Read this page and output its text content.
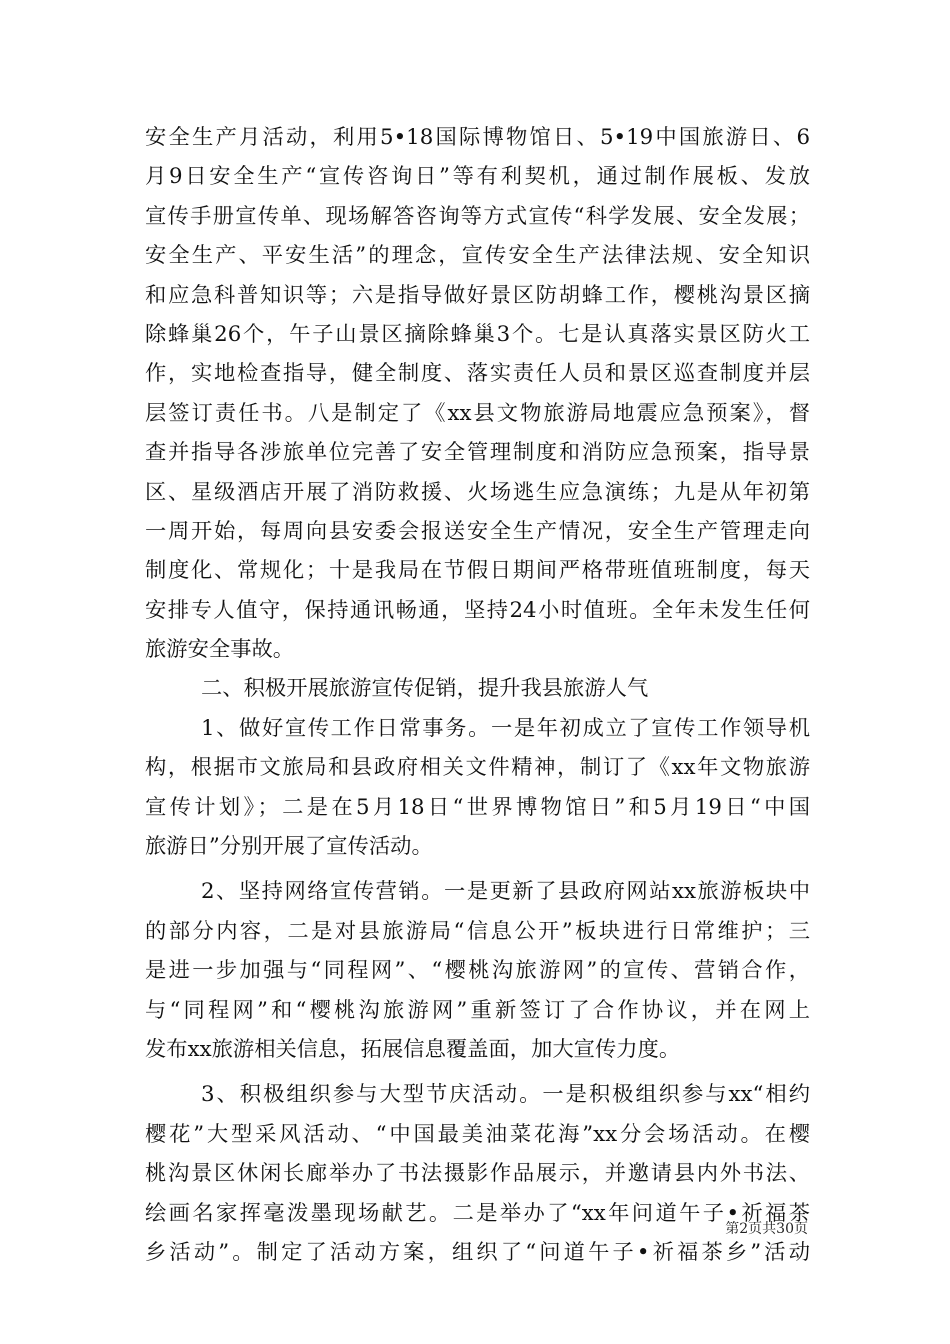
安全生产月活动，利用5•18国际博物馆日、5•19中国旅游日、6
月9日安全生产“宣传咨询日”等有利契机，通过制作展板、发放
宣传手册宣传单、现场解答咨询等方式宣传“科学发展、安全发展；
安全生产、平安生活”的理念，宣传安全生产法律法规、安全知识
和应急科普知识等；六是指导做好景区防胡蜂工作，樱桃沟景区摘
除蜂巢26个，午子山景区摘除蜂巢3个。七是认真落实景区防火工
作，实地检查指导，健全制度、落实责任人员和景区巡查制度并层
层签订责任书。八是制定了《xx县文物旅游局地震应急预案》，督
查并指导各涉旅单位完善了安全管理制度和消防应急预案，指导景
区、星级酒店开展了消防救援、火场逃生应急演练；九是从年初第
一周开始，每周向县安委会报送安全生产情况，安全生产管理走向
制度化、常规化；十是我局在节假日期间严格带班值班制度，每天
安排专人值守，保持通讯畅通，坚持24小时值班。全年未发生任何
旅游安全事故。
二、积极开展旅游宣传促销，提升我县旅游人气
1、做好宣传工作日常事务。一是年初成立了宣传工作领导机
构，根据市文旅局和县政府相关文件精神，制订了《xx年文物旅游
宣传计划》；二是在5月18日“世界博物馆日”和5月19日“中国
旅游日”分别开展了宣传活动。
2、坚持网络宣传营销。一是更新了县政府网站xx旅游板块中
的部分内容，二是对县旅游局“信息公开”板块进行日常维护；三
是进一步加强与“同程网”、“樱桃沟旅游网”的宣传、营销合作，
与“同程网”和“樱桃沟旅游网”重新签订了合作协议，并在网上
发布xx旅游相关信息，拓展信息覆盖面，加大宣传力度。
3、积极组织参与大型节庆活动。一是积极组织参与xx“相约
樱花”大型采风活动、“中国最美油菜花海”xx分会场活动。在樱
桃沟景区休闲长廊举办了书法摄影作品展示，并邀请县内外书法、
绘画名家挥毫泼墨现场献艺。二是举办了“xx年问道午子•祈福茶
乡活动”。制定了活动方案，组织了“问道午子•祈福茶乡”活动
第2页共30页
